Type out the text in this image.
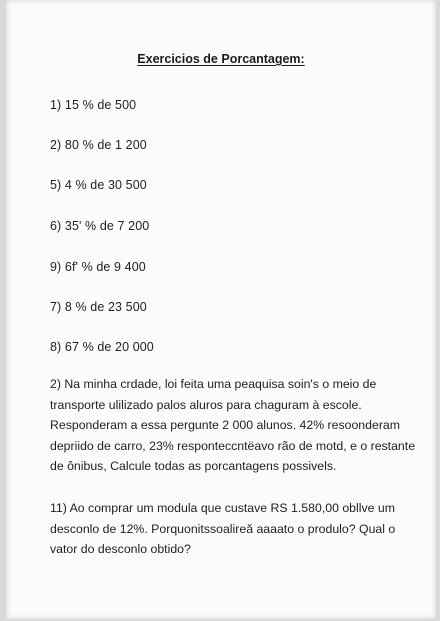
Exercicios de Porcantagem:
1) 15 % de 500
2) 80 % de 1 200
5) 4 % de 30 500
6) 35' % de 7 200
9) 6f' % de 9 400
7) 8 % de 23 500
8) 67 % de 20 000
2) Na minha crdade, loi feita uma peaquisa soin's o meio de
transporte ulilizado palos aluros para chaguram à escole.
Responderam a essa pergunte 2 000 alunos. 42% resoonderam
depriido de carro, 23% responteccntёavo rão de motd, e o restante
de ônibus, Calcule todas as porcantagens possivels.
11) Ao comprar um modula que custave RS 1.580,00 obllve um
desconlo de 12%. Porquonitssoalireă aaaato o produlo? Qual o
vator do desconlo obtido?
